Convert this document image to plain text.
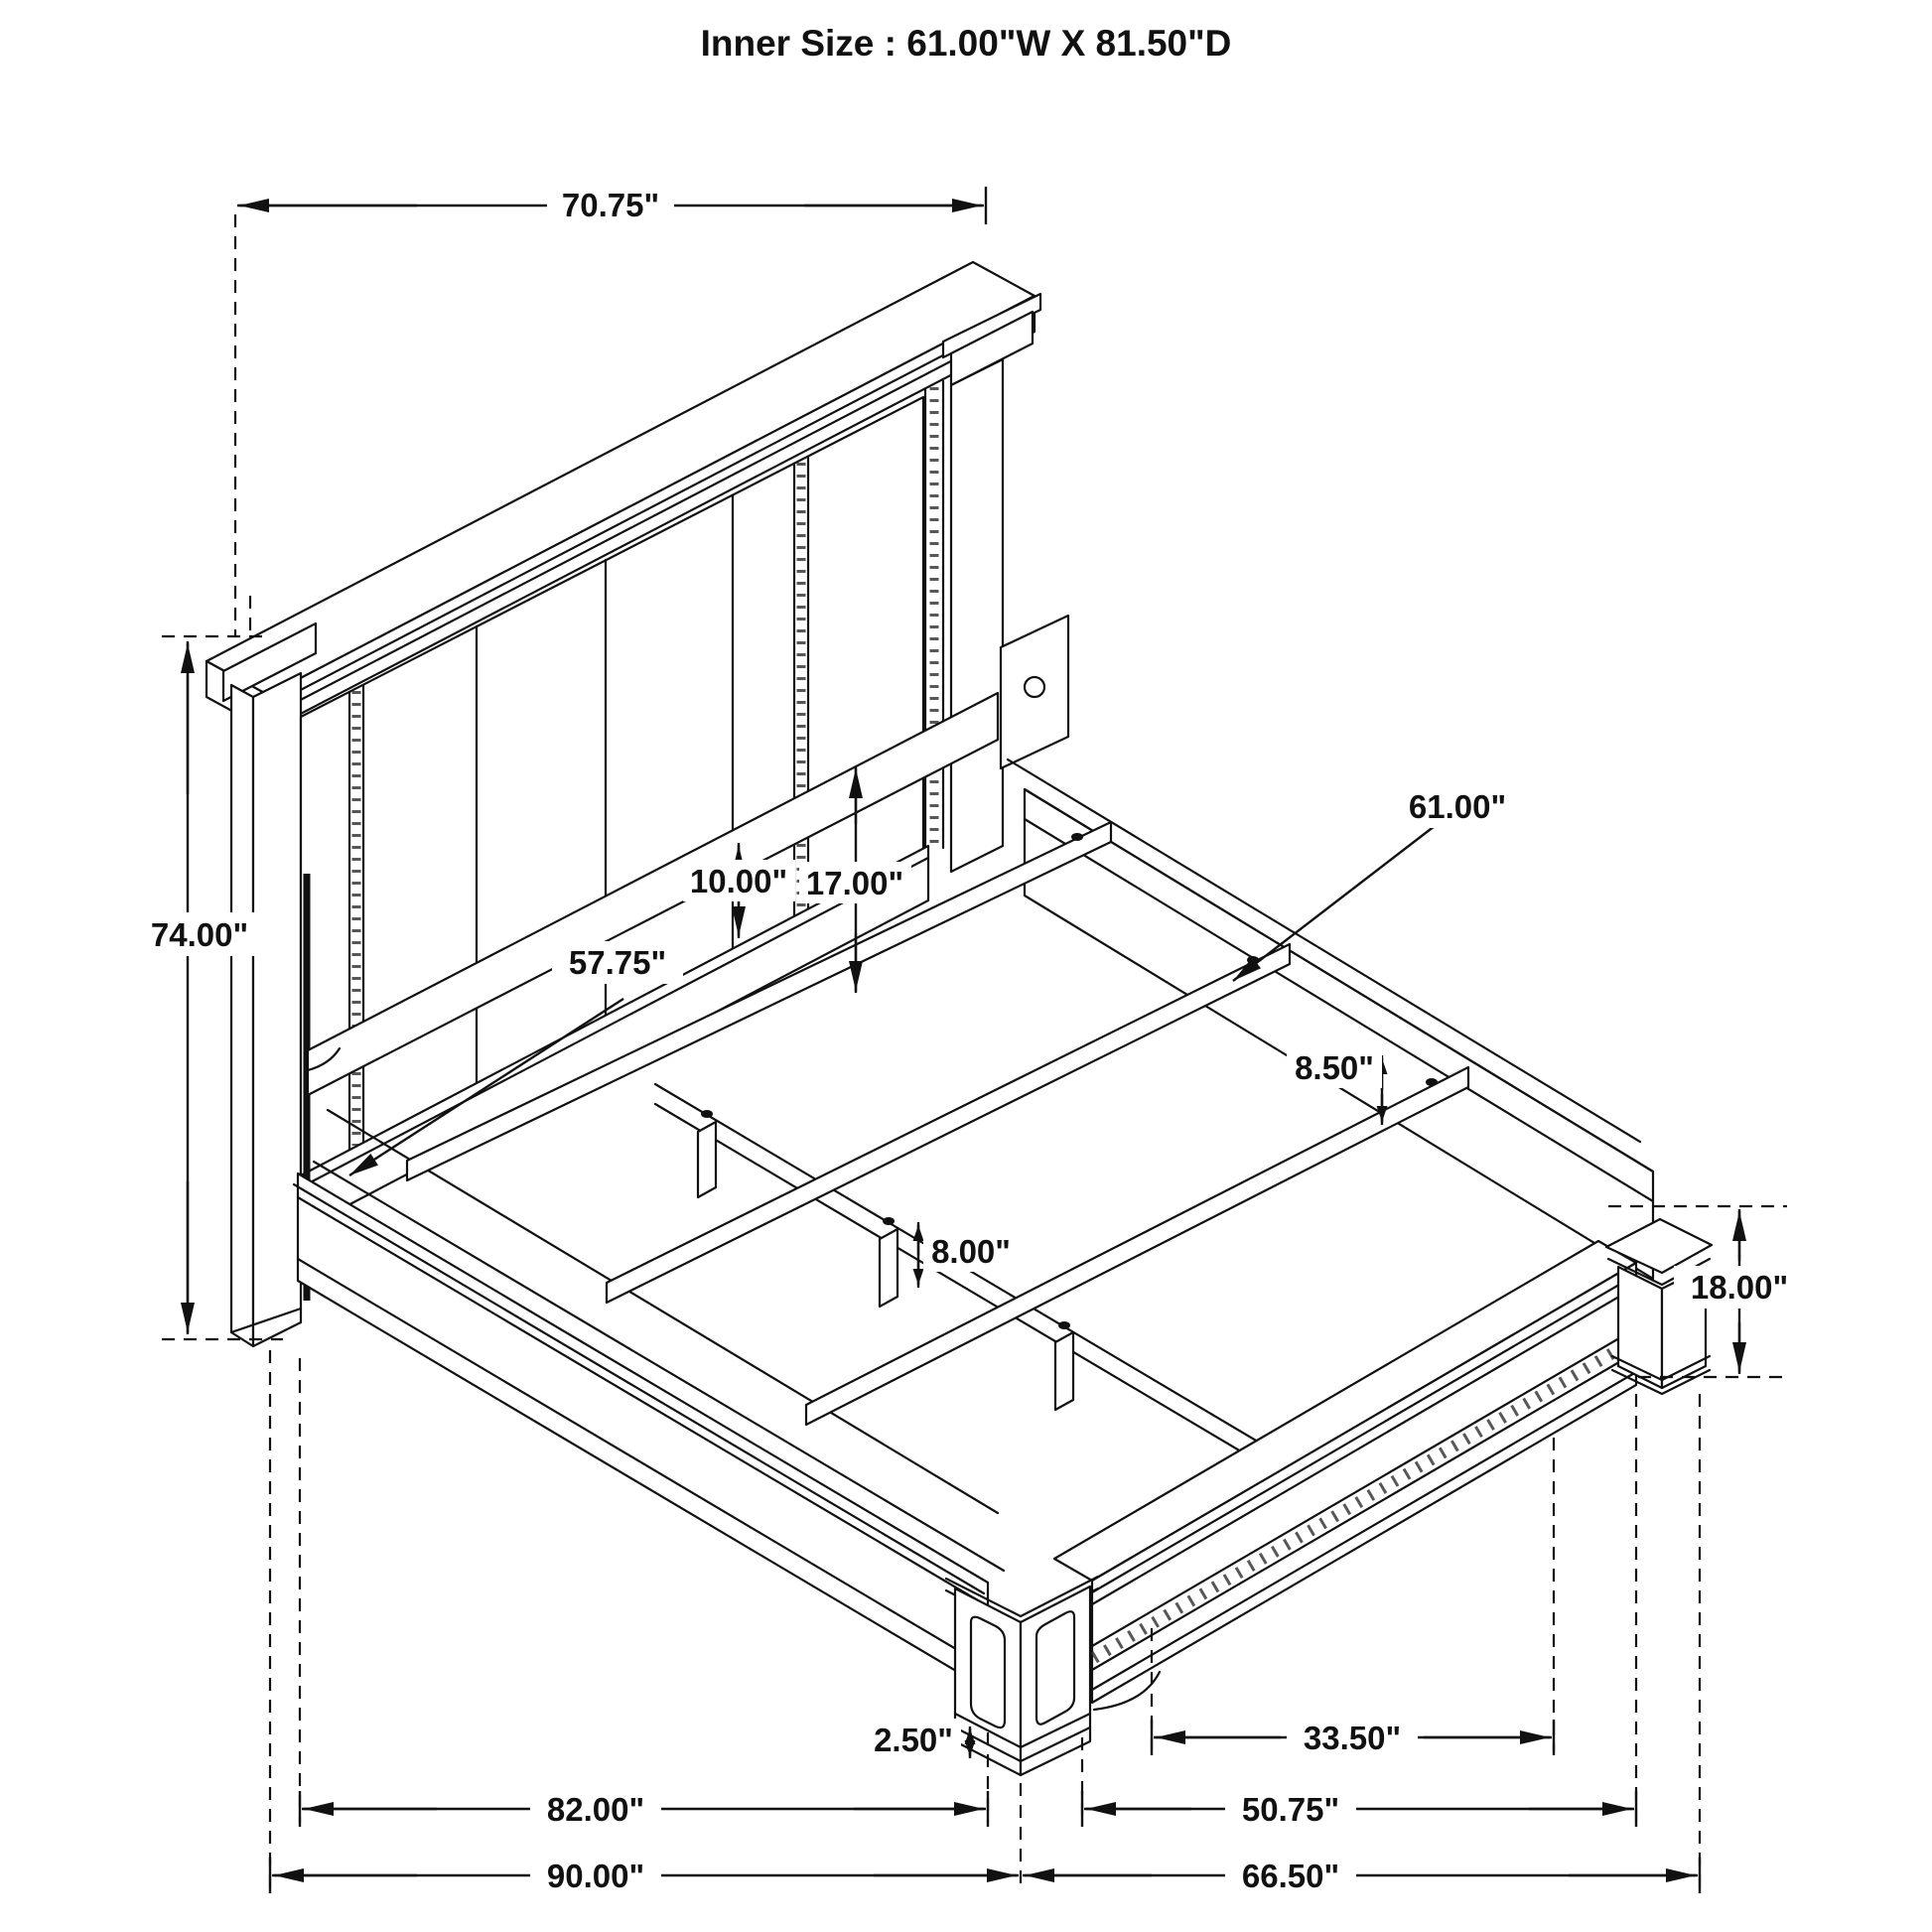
70.75"
74.00"
10.00" 17.00"
57.75"
61.00"
8.50"
8.00"
18.00"
2.50"	33.50"
82.00"	50.75"
90.00"	66.50"
Inner Size : 61.00"W X 81.50"D
